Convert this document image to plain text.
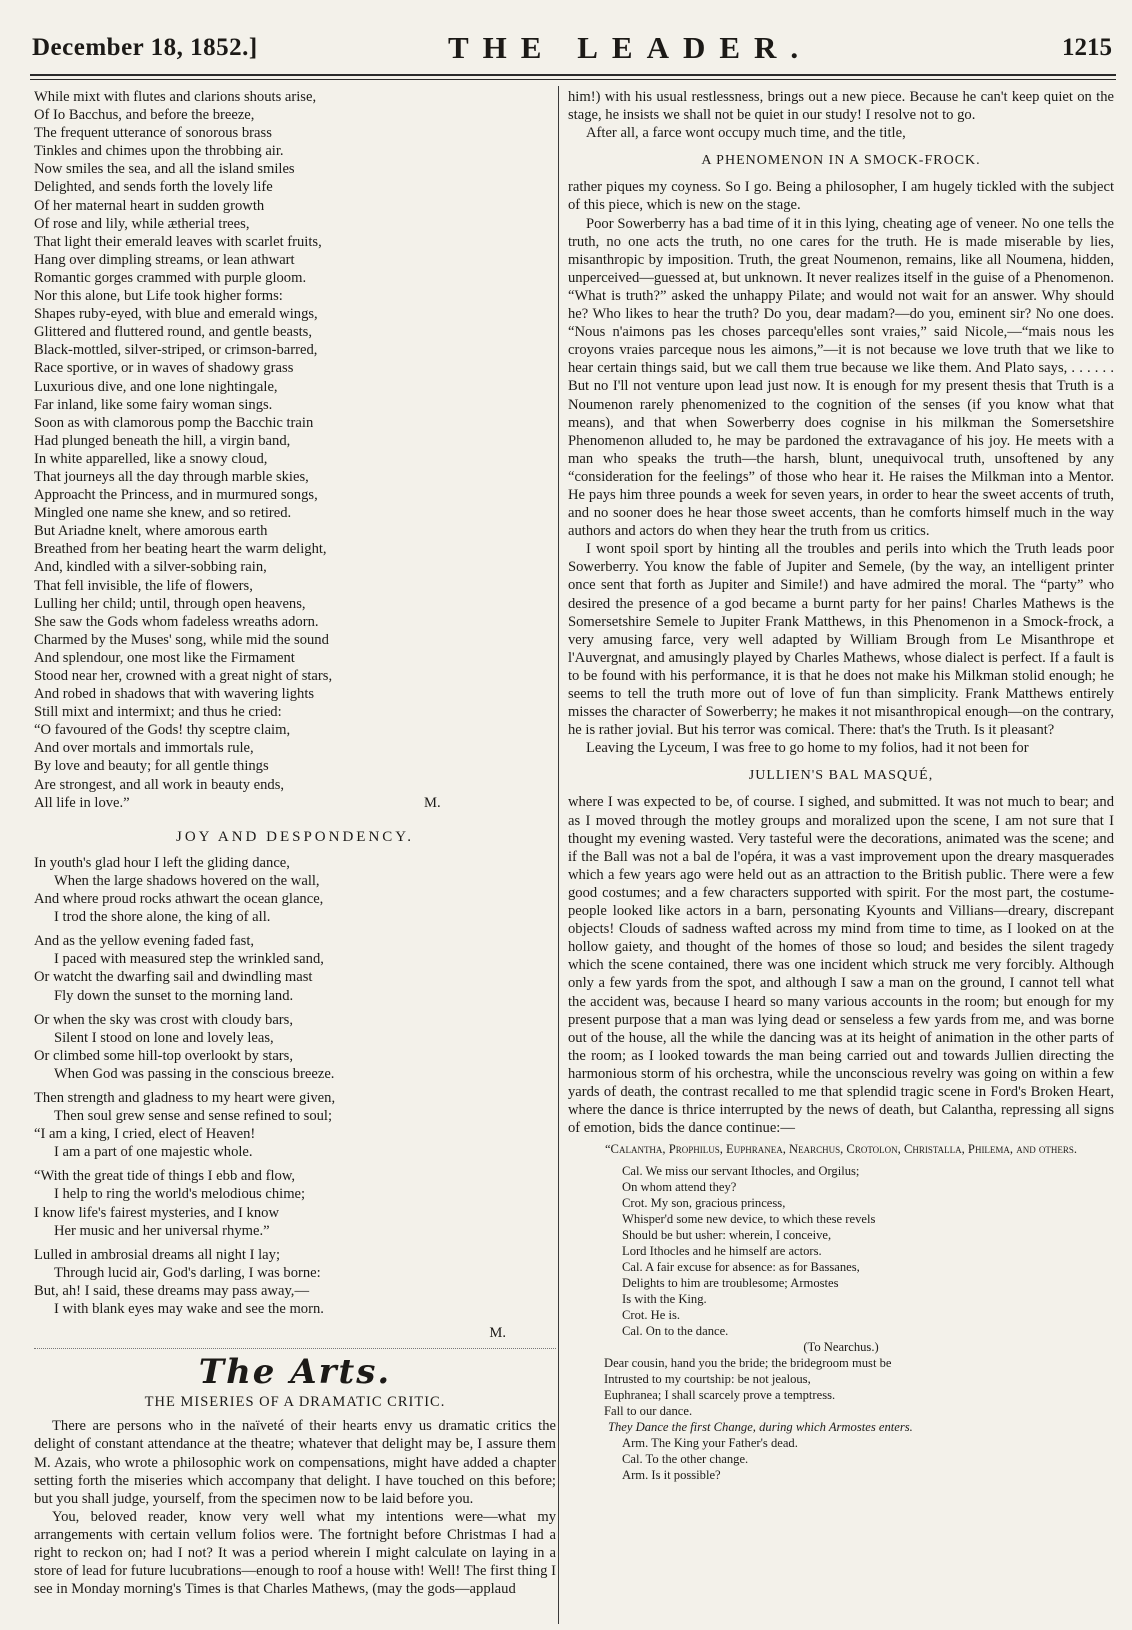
December 18, 1852.]	THE LEADER.	1215
While mixt with flutes and clarions shouts arise,
Of Io Bacchus, and before the breeze,
The frequent utterance of sonorous brass
Tinkles and chimes upon the throbbing air.
Now smiles the sea, and all the island smiles
Delighted, and sends forth the lovely life
Of her maternal heart in sudden growth
Of rose and lily, while ætherial trees,
That light their emerald leaves with scarlet fruits,
Hang over dimpling streams, or lean athwart
Romantic gorges crammed with purple gloom.
Nor this alone, but Life took higher forms:
Shapes ruby-eyed, with blue and emerald wings,
Glittered and fluttered round, and gentle beasts,
Black-mottled, silver-striped, or crimson-barred,
Race sportive, or in waves of shadowy grass
Luxurious dive, and one lone nightingale,
Far inland, like some fairy woman sings.
Soon as with clamorous pomp the Bacchic train
Had plunged beneath the hill, a virgin band,
In white apparelled, like a snowy cloud,
That journeys all the day through marble skies,
Approacht the Princess, and in murmured songs,
Mingled one name she knew, and so retired.
But Ariadne knelt, where amorous earth
Breathed from her beating heart the warm delight,
And, kindled with a silver-sobbing rain,
That fell invisible, the life of flowers,
Lulling her child; until, through open heavens,
She saw the Gods whom fadeless wreaths adorn.
Charmed by the Muses' song, while mid the sound
And splendour, one most like the Firmament
Stood near her, crowned with a great night of stars,
And robed in shadows that with wavering lights
Still mixt and intermixt; and thus he cried:
“O favoured of the Gods! thy sceptre claim,
And over mortals and immortals rule,
By love and beauty; for all gentle things
Are strongest, and all work in beauty ends,
All life in love.”	M.
JOY AND DESPONDENCY.
In youth's glad hour I left the gliding dance,
When the large shadows hovered on the wall,
And where proud rocks athwart the ocean glance,
I trod the shore alone, the king of all.
And as the yellow evening faded fast,
I paced with measured step the wrinkled sand,
Or watcht the dwarfing sail and dwindling mast
Fly down the sunset to the morning land.
Or when the sky was crost with cloudy bars,
Silent I stood on lone and lovely leas,
Or climbed some hill-top overlookt by stars,
When God was passing in the conscious breeze.
Then strength and gladness to my heart were given,
Then soul grew sense and sense refined to soul;
“I am a king, I cried, elect of Heaven!
I am a part of one majestic whole.
“With the great tide of things I ebb and flow,
I help to ring the world's melodious chime;
I know life's fairest mysteries, and I know
Her music and her universal rhyme.”
Lulled in ambrosial dreams all night I lay;
Through lucid air, God's darling, I was borne:
But, ah! I said, these dreams may pass away,—
I with blank eyes may wake and see the morn.
M.
The Arts.
THE MISERIES OF A DRAMATIC CRITIC.

There are persons who in the naïveté of their hearts envy us dramatic critics the delight of constant attendance at the theatre; whatever that delight may be, I assure them M. Azais, who wrote a philosophic work on compensations, might have added a chapter setting forth the miseries which accompany that delight. I have touched on this before; but you shall judge, yourself, from the specimen now to be laid before you.

You, beloved reader, know very well what my intentions were—what my arrangements with certain vellum folios were. The fortnight before Christmas I had a right to reckon on; had I not? It was a period wherein I might calculate on laying in a store of lead for future lucubrations—enough to roof a house with! Well! The first thing I see in Monday morning's Times is that Charles Mathews, (may the gods—applaud

him!) with his usual restlessness, brings out a new piece. Because he can't keep quiet on the stage, he insists we shall not be quiet in our study! I resolve not to go.

After all, a farce wont occupy much time, and the title,

A PHENOMENON IN A SMOCK-FROCK.

rather piques my coyness. So I go. Being a philosopher, I am hugely tickled with the subject of this piece, which is new on the stage.

Poor Sowerberry has a bad time of it in this lying, cheating age of veneer. No one tells the truth, no one acts the truth, no one cares for the truth. He is made miserable by lies, misanthropic by imposition. Truth, the great Noumenon, remains, like all Noumena, hidden, unperceived—guessed at, but unknown. It never realizes itself in the guise of a Phenomenon. “What is truth?” asked the unhappy Pilate; and would not wait for an answer. Why should he? Who likes to hear the truth? Do you, dear madam?—do you, eminent sir? No one does. “Nous n'aimons pas les choses parcequ'elles sont vraies,” said Nicole,—“mais nous les croyons vraies parceque nous les aimons,”—it is not because we love truth that we like to hear certain things said, but we call them true because we like them. And Plato says, . . . . . . But no I'll not venture upon lead just now. It is enough for my present thesis that Truth is a Noumenon rarely phenomenized to the cognition of the senses (if you know what that means), and that when Sowerberry does cognise in his milkman the Somersetshire Phenomenon alluded to, he may be pardoned the extravagance of his joy. He meets with a man who speaks the truth—the harsh, blunt, unequivocal truth, unsoftened by any “consideration for the feelings” of those who hear it. He raises the Milkman into a Mentor. He pays him three pounds a week for seven years, in order to hear the sweet accents of truth, and no sooner does he hear those sweet accents, than he comforts himself much in the way authors and actors do when they hear the truth from us critics.

I wont spoil sport by hinting all the troubles and perils into which the Truth leads poor Sowerberry. You know the fable of Jupiter and Semele, (by the way, an intelligent printer once sent that forth as Jupiter and Simile!) and have admired the moral. The “party” who desired the presence of a god became a burnt party for her pains! Charles Mathews is the Somersetshire Semele to Jupiter Frank Matthews, in this Phenomenon in a Smock-frock, a very amusing farce, very well adapted by William Brough from Le Misanthrope et l'Auvergnat, and amusingly played by Charles Mathews, whose dialect is perfect. If a fault is to be found with his performance, it is that he does not make his Milkman stolid enough; he seems to tell the truth more out of love of fun than simplicity. Frank Matthews entirely misses the character of Sowerberry; he makes it not misanthropical enough—on the contrary, he is rather jovial. But his terror was comical. There: that's the Truth. Is it pleasant?

Leaving the Lyceum, I was free to go home to my folios, had it not been for

JULLIEN'S BAL MASQUÉ,

where I was expected to be, of course. I sighed, and submitted. It was not much to bear; and as I moved through the motley groups and moralized upon the scene, I am not sure that I thought my evening wasted. Very tasteful were the decorations, animated was the scene; and if the Ball was not a bal de l'opéra, it was a vast improvement upon the dreary masquerades which a few years ago were held out as an attraction to the British public. There were a few good costumes; and a few characters supported with spirit. For the most part, the costume-people looked like actors in a barn, personating Kyounts and Villians—dreary, discrepant objects! Clouds of sadness wafted across my mind from time to time, as I looked on at the hollow gaiety, and thought of the homes of those so loud; and besides the silent tragedy which the scene contained, there was one incident which struck me very forcibly. Although only a few yards from the spot, and although I saw a man on the ground, I cannot tell what the accident was, because I heard so many various accounts in the room; but enough for my present purpose that a man was lying dead or senseless a few yards from me, and was borne out of the house, all the while the dancing was at its height of animation in the other parts of the room; as I looked towards the man being carried out and towards Jullien directing the harmonious storm of his orchestra, while the unconscious revelry was going on within a few yards of death, the contrast recalled to me that splendid tragic scene in Ford's Broken Heart, where the dance is thrice interrupted by the news of death, but Calantha, repressing all signs of emotion, bids the dance continue:—

“Calantha, Prophilus, Euphranea, Nearchus, Crotolon, Christalla, Philema, and others.
Cal. We miss our servant Ithocles, and Orgilus;
On whom attend they?
Crot. My son, gracious princess,
Whisper'd some new device, to which these revels
Should be but usher: wherein, I conceive,
Lord Ithocles and he himself are actors.
Cal. A fair excuse for absence: as for Bassanes,
Delights to him are troublesome; Armostes
Is with the King.
Crot. He is.
Cal. On to the dance.
(To Nearchus.)
Dear cousin, hand you the bride; the bridegroom must be
Intrusted to my courtship: be not jealous,
Euphranea; I shall scarcely prove a temptress.
Fall to our dance.
They Dance the first Change, during which Armostes enters.
Arm. The King your Father's dead.
Cal. To the other change.
Arm. Is it possible?
